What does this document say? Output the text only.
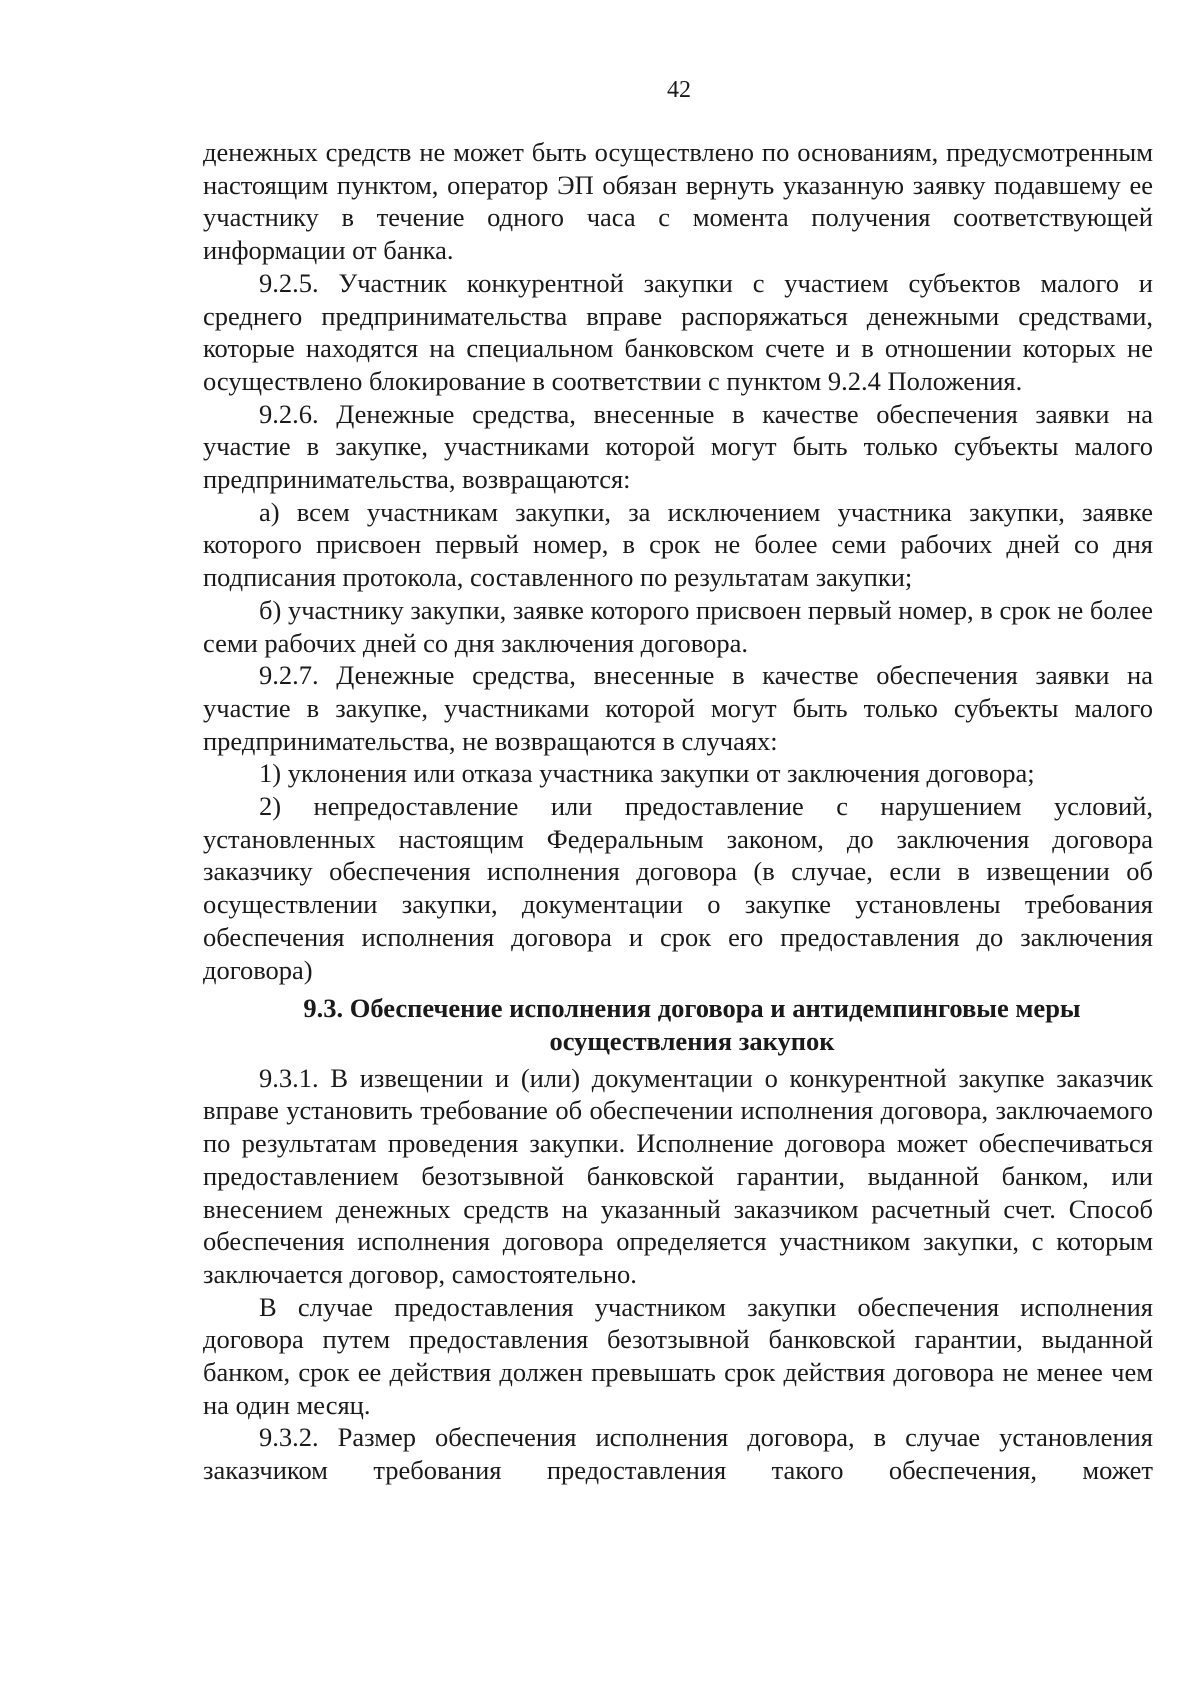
42

денежных средств не может быть осуществлено по основаниям, предусмотренным настоящим пунктом, оператор ЭП обязан вернуть указанную заявку подавшему ее участнику в течение одного часа с момента получения соответствующей информации от банка.

9.2.5. Участник конкурентной закупки с участием субъектов малого и среднего предпринимательства вправе распоряжаться денежными средствами, которые находятся на специальном банковском счете и в отношении которых не осуществлено блокирование в соответствии с пунктом 9.2.4 Положения.

9.2.6. Денежные средства, внесенные в качестве обеспечения заявки на участие в закупке, участниками которой могут быть только субъекты малого предпринимательства, возвращаются:

а) всем участникам закупки, за исключением участника закупки, заявке которого присвоен первый номер, в срок не более семи рабочих дней со дня подписания протокола, составленного по результатам закупки;

б) участнику закупки, заявке которого присвоен первый номер, в срок не более семи рабочих дней со дня заключения договора.

9.2.7. Денежные средства, внесенные в качестве обеспечения заявки на участие в закупке, участниками которой могут быть только субъекты малого предпринимательства, не возвращаются в случаях:

1) уклонения или отказа участника закупки от заключения договора;

2) непредоставление или предоставление с нарушением условий, установленных настоящим Федеральным законом, до заключения договора заказчику обеспечения исполнения договора (в случае, если в извещении об осуществлении закупки, документации о закупке установлены требования обеспечения исполнения договора и срок его предоставления до заключения договора)

9.3. Обеспечение исполнения договора и антидемпинговые меры осуществления закупок

9.3.1. В извещении и (или) документации о конкурентной закупке заказчик вправе установить требование об обеспечении исполнения договора, заключаемого по результатам проведения закупки. Исполнение договора может обеспечиваться предоставлением безотзывной банковской гарантии, выданной банком, или внесением денежных средств на указанный заказчиком расчетный счет. Способ обеспечения исполнения договора определяется участником закупки, с которым заключается договор, самостоятельно.

В случае предоставления участником закупки обеспечения исполнения договора путем предоставления безотзывной банковской гарантии, выданной банком, срок ее действия должен превышать срок действия договора не менее чем на один месяц.

9.3.2. Размер обеспечения исполнения договора, в случае установления заказчиком требования предоставления такого обеспечения, может
